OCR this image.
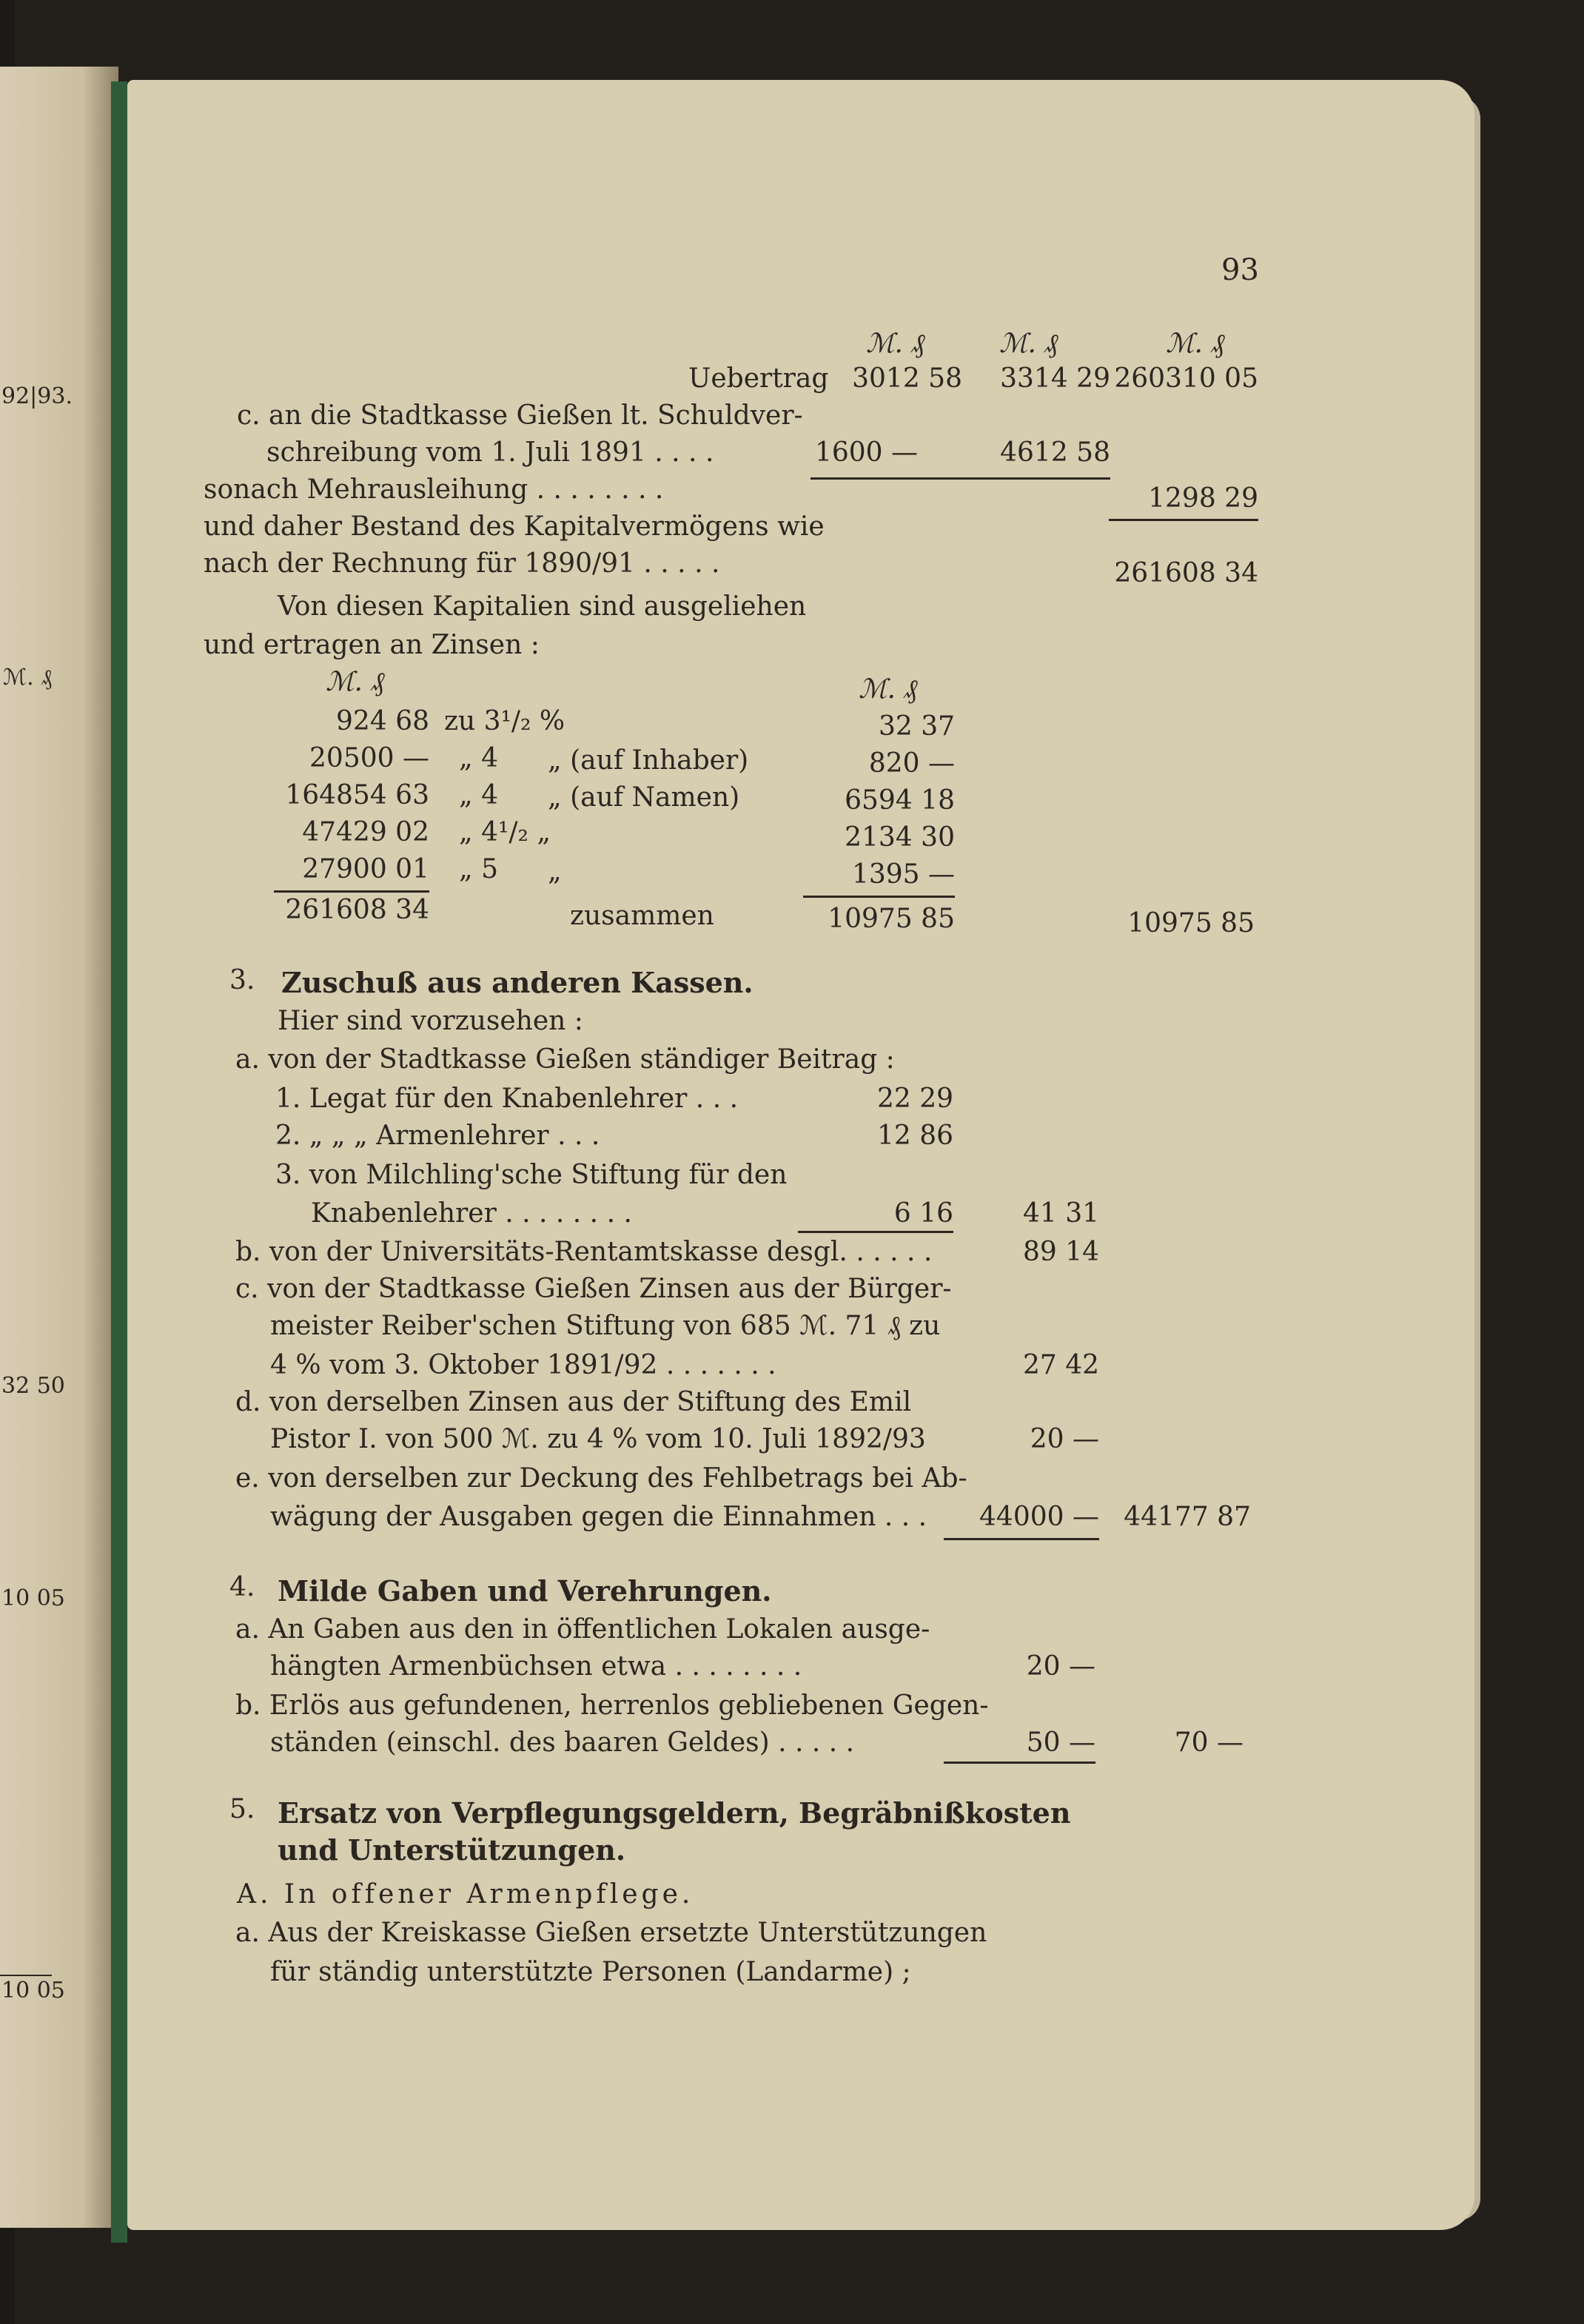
92|93.
ℳ. ₰
32 50
10 05
10 05
93
ℳ. ₰	ℳ. ₰	ℳ. ₰
Uebertrag 3012 58	3314 29 260310 05
c. an die Stadtkasse Gießen lt. Schuldver-
schreibung vom 1. Juli 1891 . . . .	1600 —	4612 58
sonach Mehrausleihung . . . . . . . .	1298 29
und daher Bestand des Kapitalvermögens wie
nach der Rechnung für 1890/91 . . . . .	261608 34
Von diesen Kapitalien sind ausgeliehen
und ertragen an Zinsen :
ℳ. ₰	ℳ. ₰
924 68 zu 3¹/₂ %	32 37
20500 — „ 4 „ (auf Inhaber)	820 —
164854 63 „ 4 „ (auf Namen)	6594 18
47429 02 „ 4¹/₂ „	2134 30
27900 01 „ 5 „	1395 —
261608 34	zusammen	10975 85	10975 85
3. Zuschuß aus anderen Kassen.
Hier sind vorzusehen :
a. von der Stadtkasse Gießen ständiger Beitrag :
1. Legat für den Knabenlehrer . . .	22 29
2. „ „ „ Armenlehrer . . .	12 86
3. von Milchling'sche Stiftung für den
Knabenlehrer . . . . . . . .	6 16	41 31
b. von der Universitäts-Rentamtskasse desgl. . . . . .	89 14
c. von der Stadtkasse Gießen Zinsen aus der Bürger-
meister Reiber'schen Stiftung von 685 ℳ. 71 ₰ zu
4 % vom 3. Oktober 1891/92 . . . . . . .	27 42
d. von derselben Zinsen aus der Stiftung des Emil
Pistor I. von 500 ℳ. zu 4 % vom 10. Juli 1892/93	20 —
e. von derselben zur Deckung des Fehlbetrags bei Ab-
wägung der Ausgaben gegen die Einnahmen . . .	44000 — 44177 87
4. Milde Gaben und Verehrungen.
a. An Gaben aus den in öffentlichen Lokalen ausge-
hängten Armenbüchsen etwa . . . . . . . .	20 —
b. Erlös aus gefundenen, herrenlos gebliebenen Gegen-
ständen (einschl. des baaren Geldes) . . . . .	50 —	70 —
5. Ersatz von Verpflegungsgeldern, Begräbnißkosten
und Unterstützungen.
A. In offener Armenpflege.
a. Aus der Kreiskasse Gießen ersetzte Unterstützungen
für ständig unterstützte Personen (Landarme) ;
